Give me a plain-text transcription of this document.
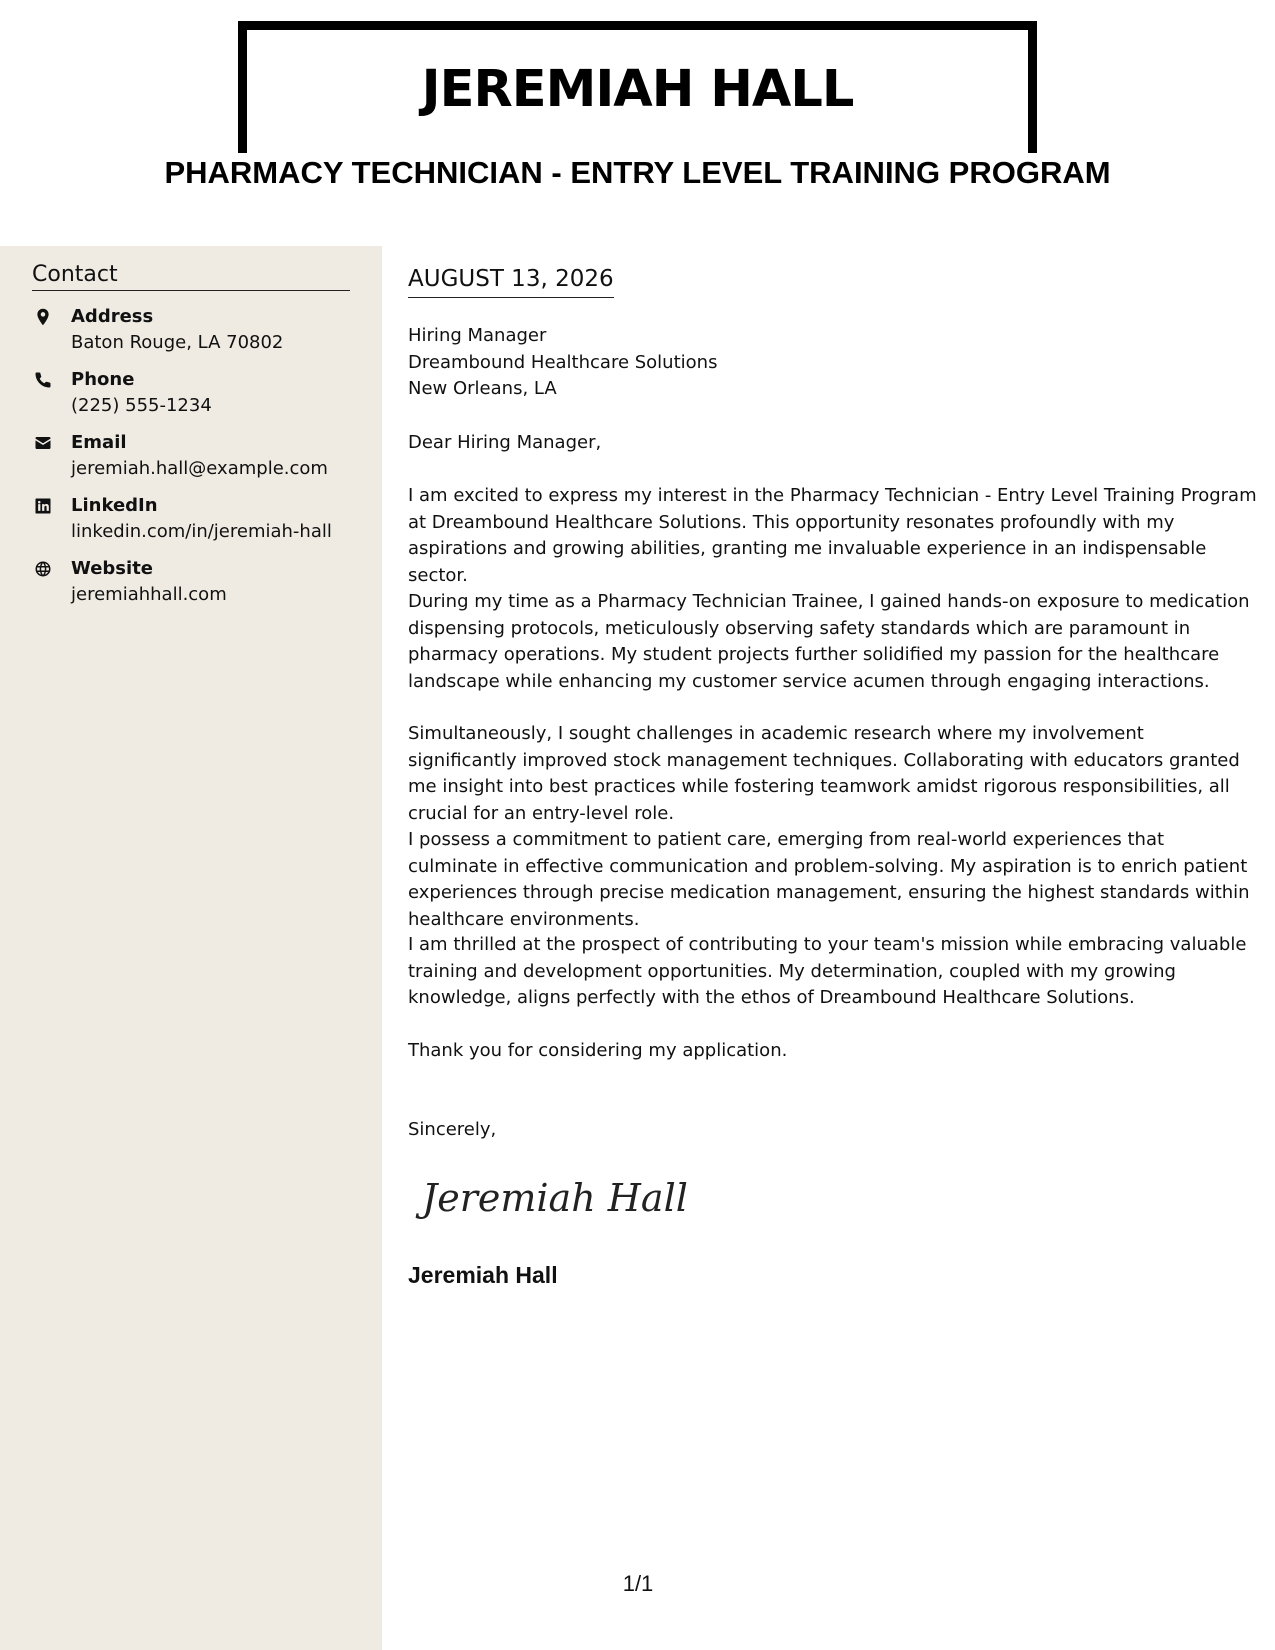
JEREMIAH HALL
PHARMACY TECHNICIAN - ENTRY LEVEL TRAINING PROGRAM
Contact
Address
Baton Rouge, LA 70802
Phone
(225) 555-1234
Email
jeremiah.hall@example.com
LinkedIn
linkedin.com/in/jeremiah-hall
Website
jeremiahhall.com
AUGUST 13, 2026
Hiring Manager
Dreambound Healthcare Solutions
New Orleans, LA
Dear Hiring Manager,
I am excited to express my interest in the Pharmacy Technician - Entry Level Training Program at Dreambound Healthcare Solutions. This opportunity resonates profoundly with my aspirations and growing abilities, granting me invaluable experience in an indispensable sector.
During my time as a Pharmacy Technician Trainee, I gained hands-on exposure to medication dispensing protocols, meticulously observing safety standards which are paramount in pharmacy operations. My student projects further solidified my passion for the healthcare landscape while enhancing my customer service acumen through engaging interactions.
Simultaneously, I sought challenges in academic research where my involvement significantly improved stock management techniques. Collaborating with educators granted me insight into best practices while fostering teamwork amidst rigorous responsibilities, all crucial for an entry-level role.
I possess a commitment to patient care, emerging from real-world experiences that culminate in effective communication and problem-solving. My aspiration is to enrich patient experiences through precise medication management, ensuring the highest standards within healthcare environments.
I am thrilled at the prospect of contributing to your team's mission while embracing valuable training and development opportunities. My determination, coupled with my growing knowledge, aligns perfectly with the ethos of Dreambound Healthcare Solutions.
Thank you for considering my application.
Sincerely,
Jeremiah Hall
Jeremiah Hall
1/1
